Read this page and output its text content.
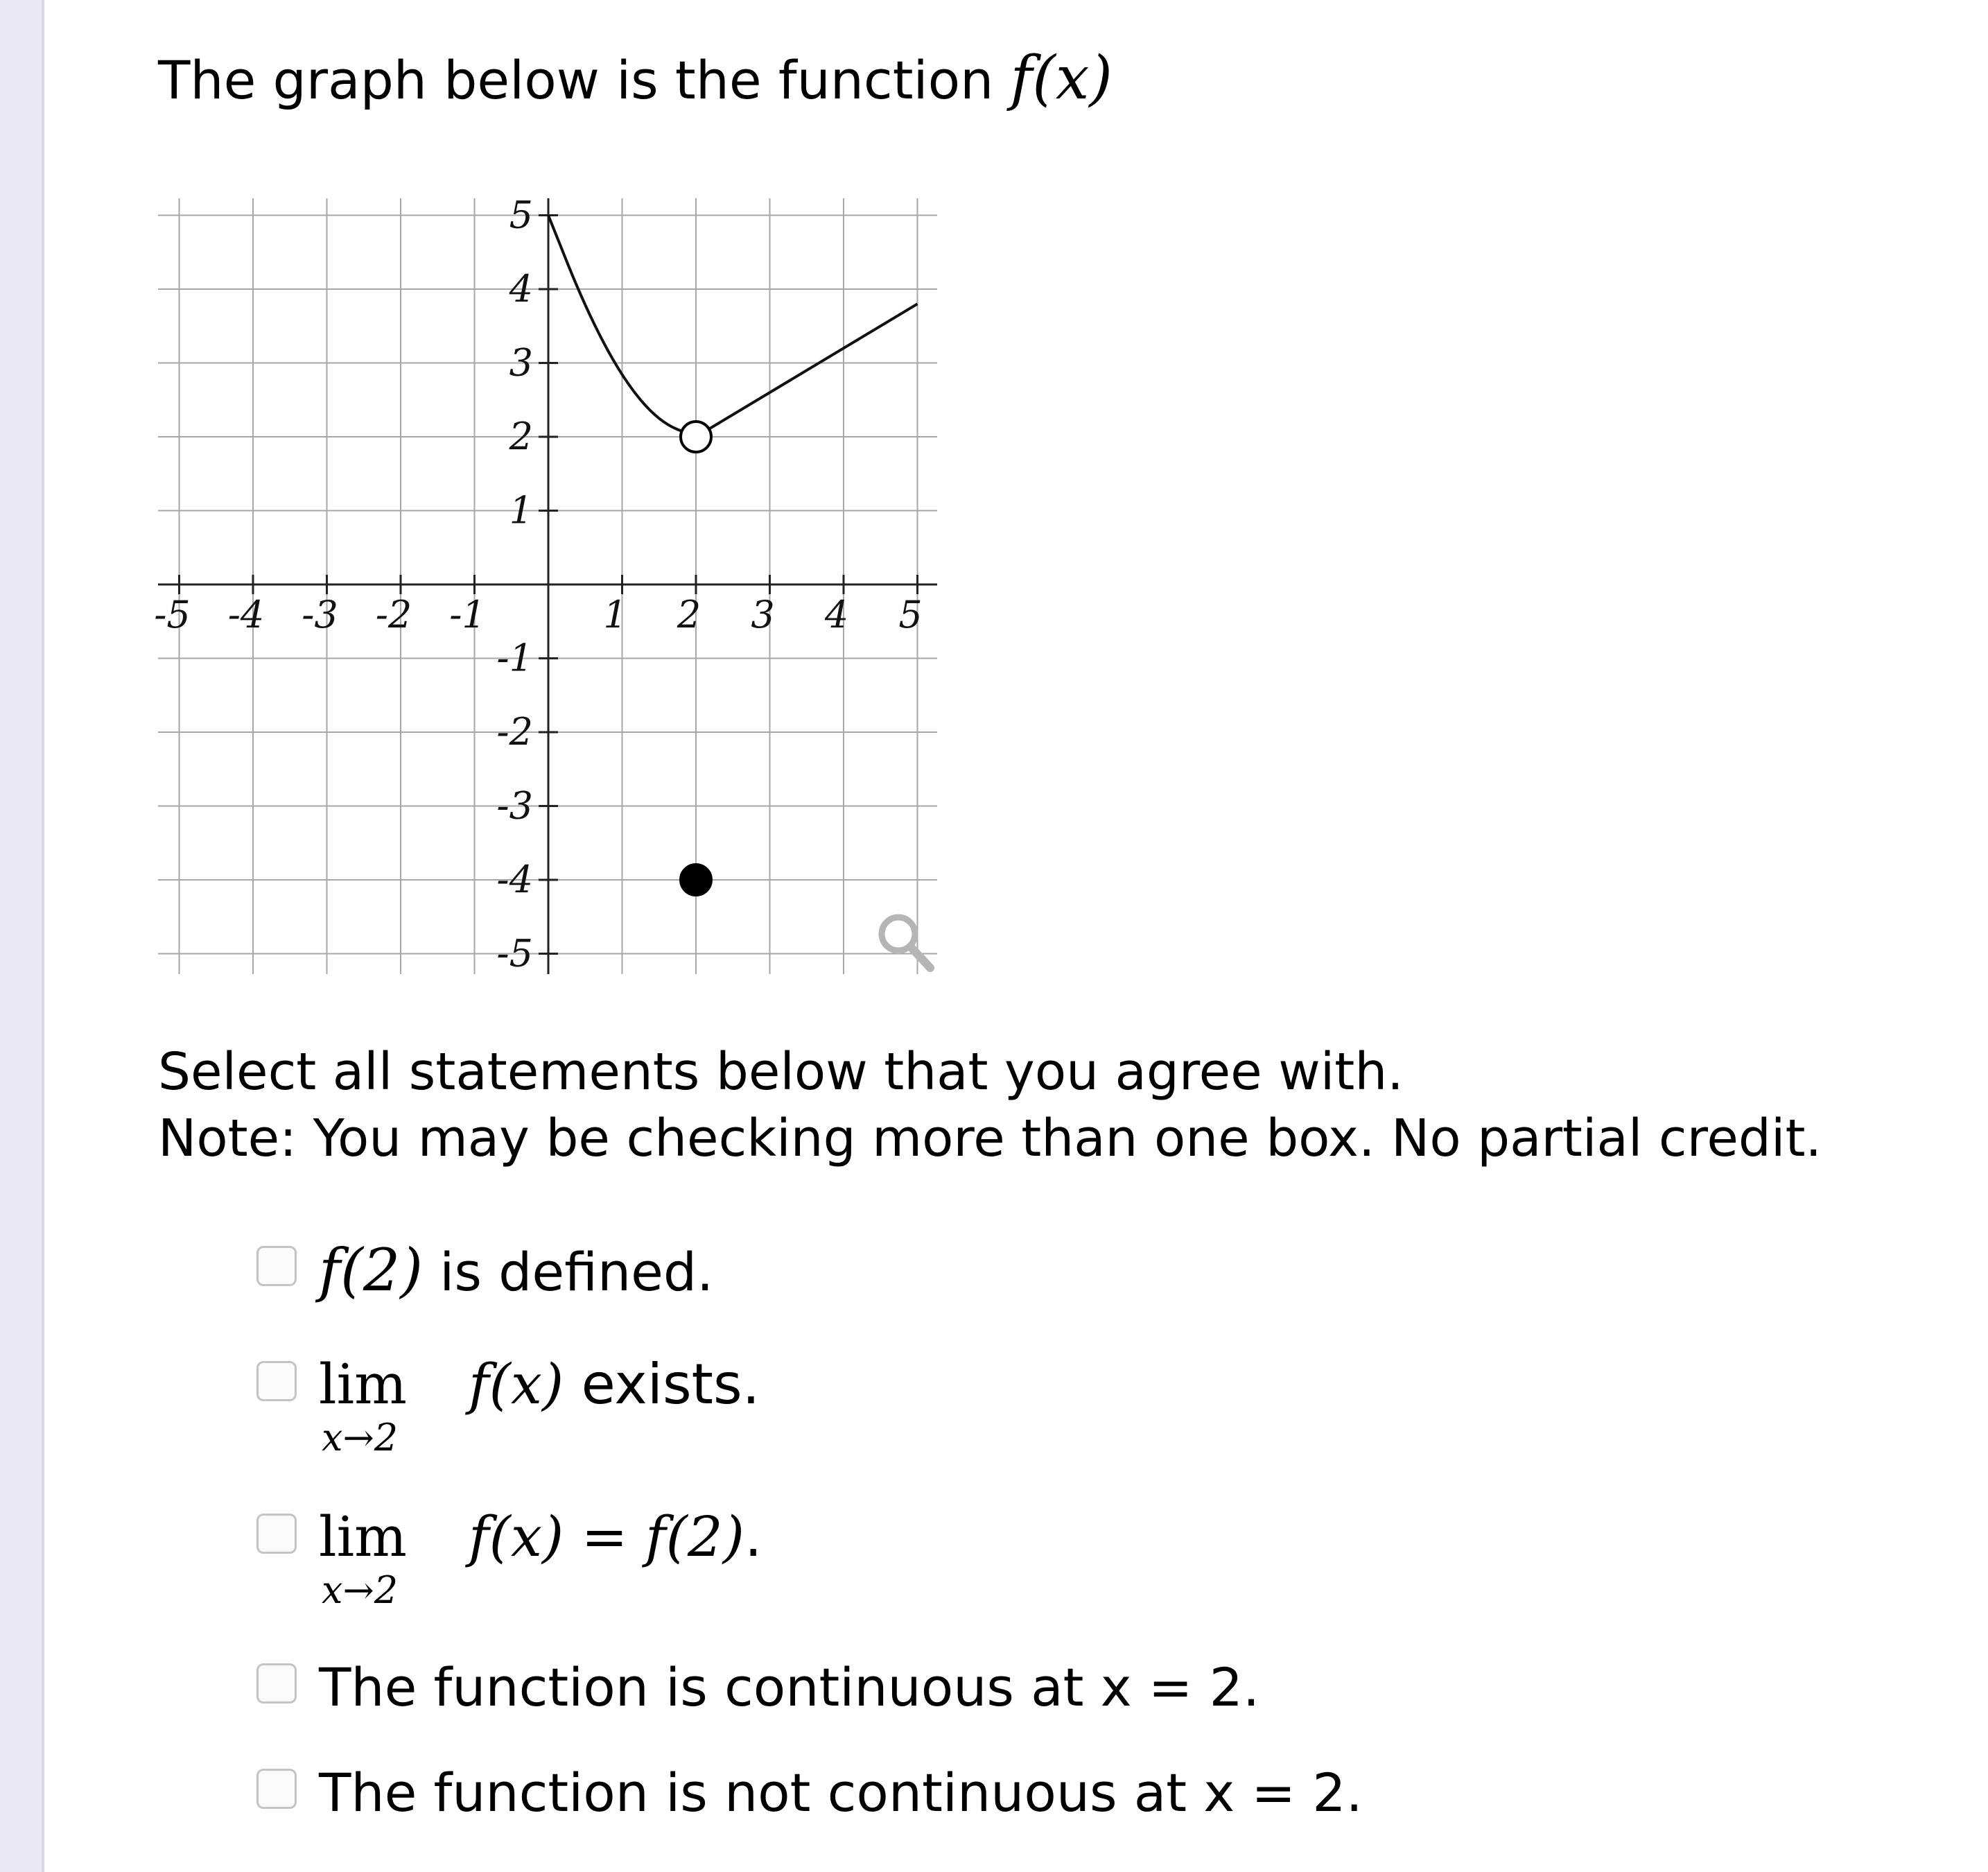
The graph below is the function f(x)
-5 -4 -3 -2 -1	1 2 3 4 5
5
4
3
2
1
-1
-2
-3
-4
-5
Select all statements below that you agree with.
Note: You may be checking more than one box. No partial credit.
f(2) is defined.
lim
x→2
f(x) exists.
lim
x→2
f(x) = f(2).
The function is continuous at x = 2.
The function is not continuous at x = 2.
